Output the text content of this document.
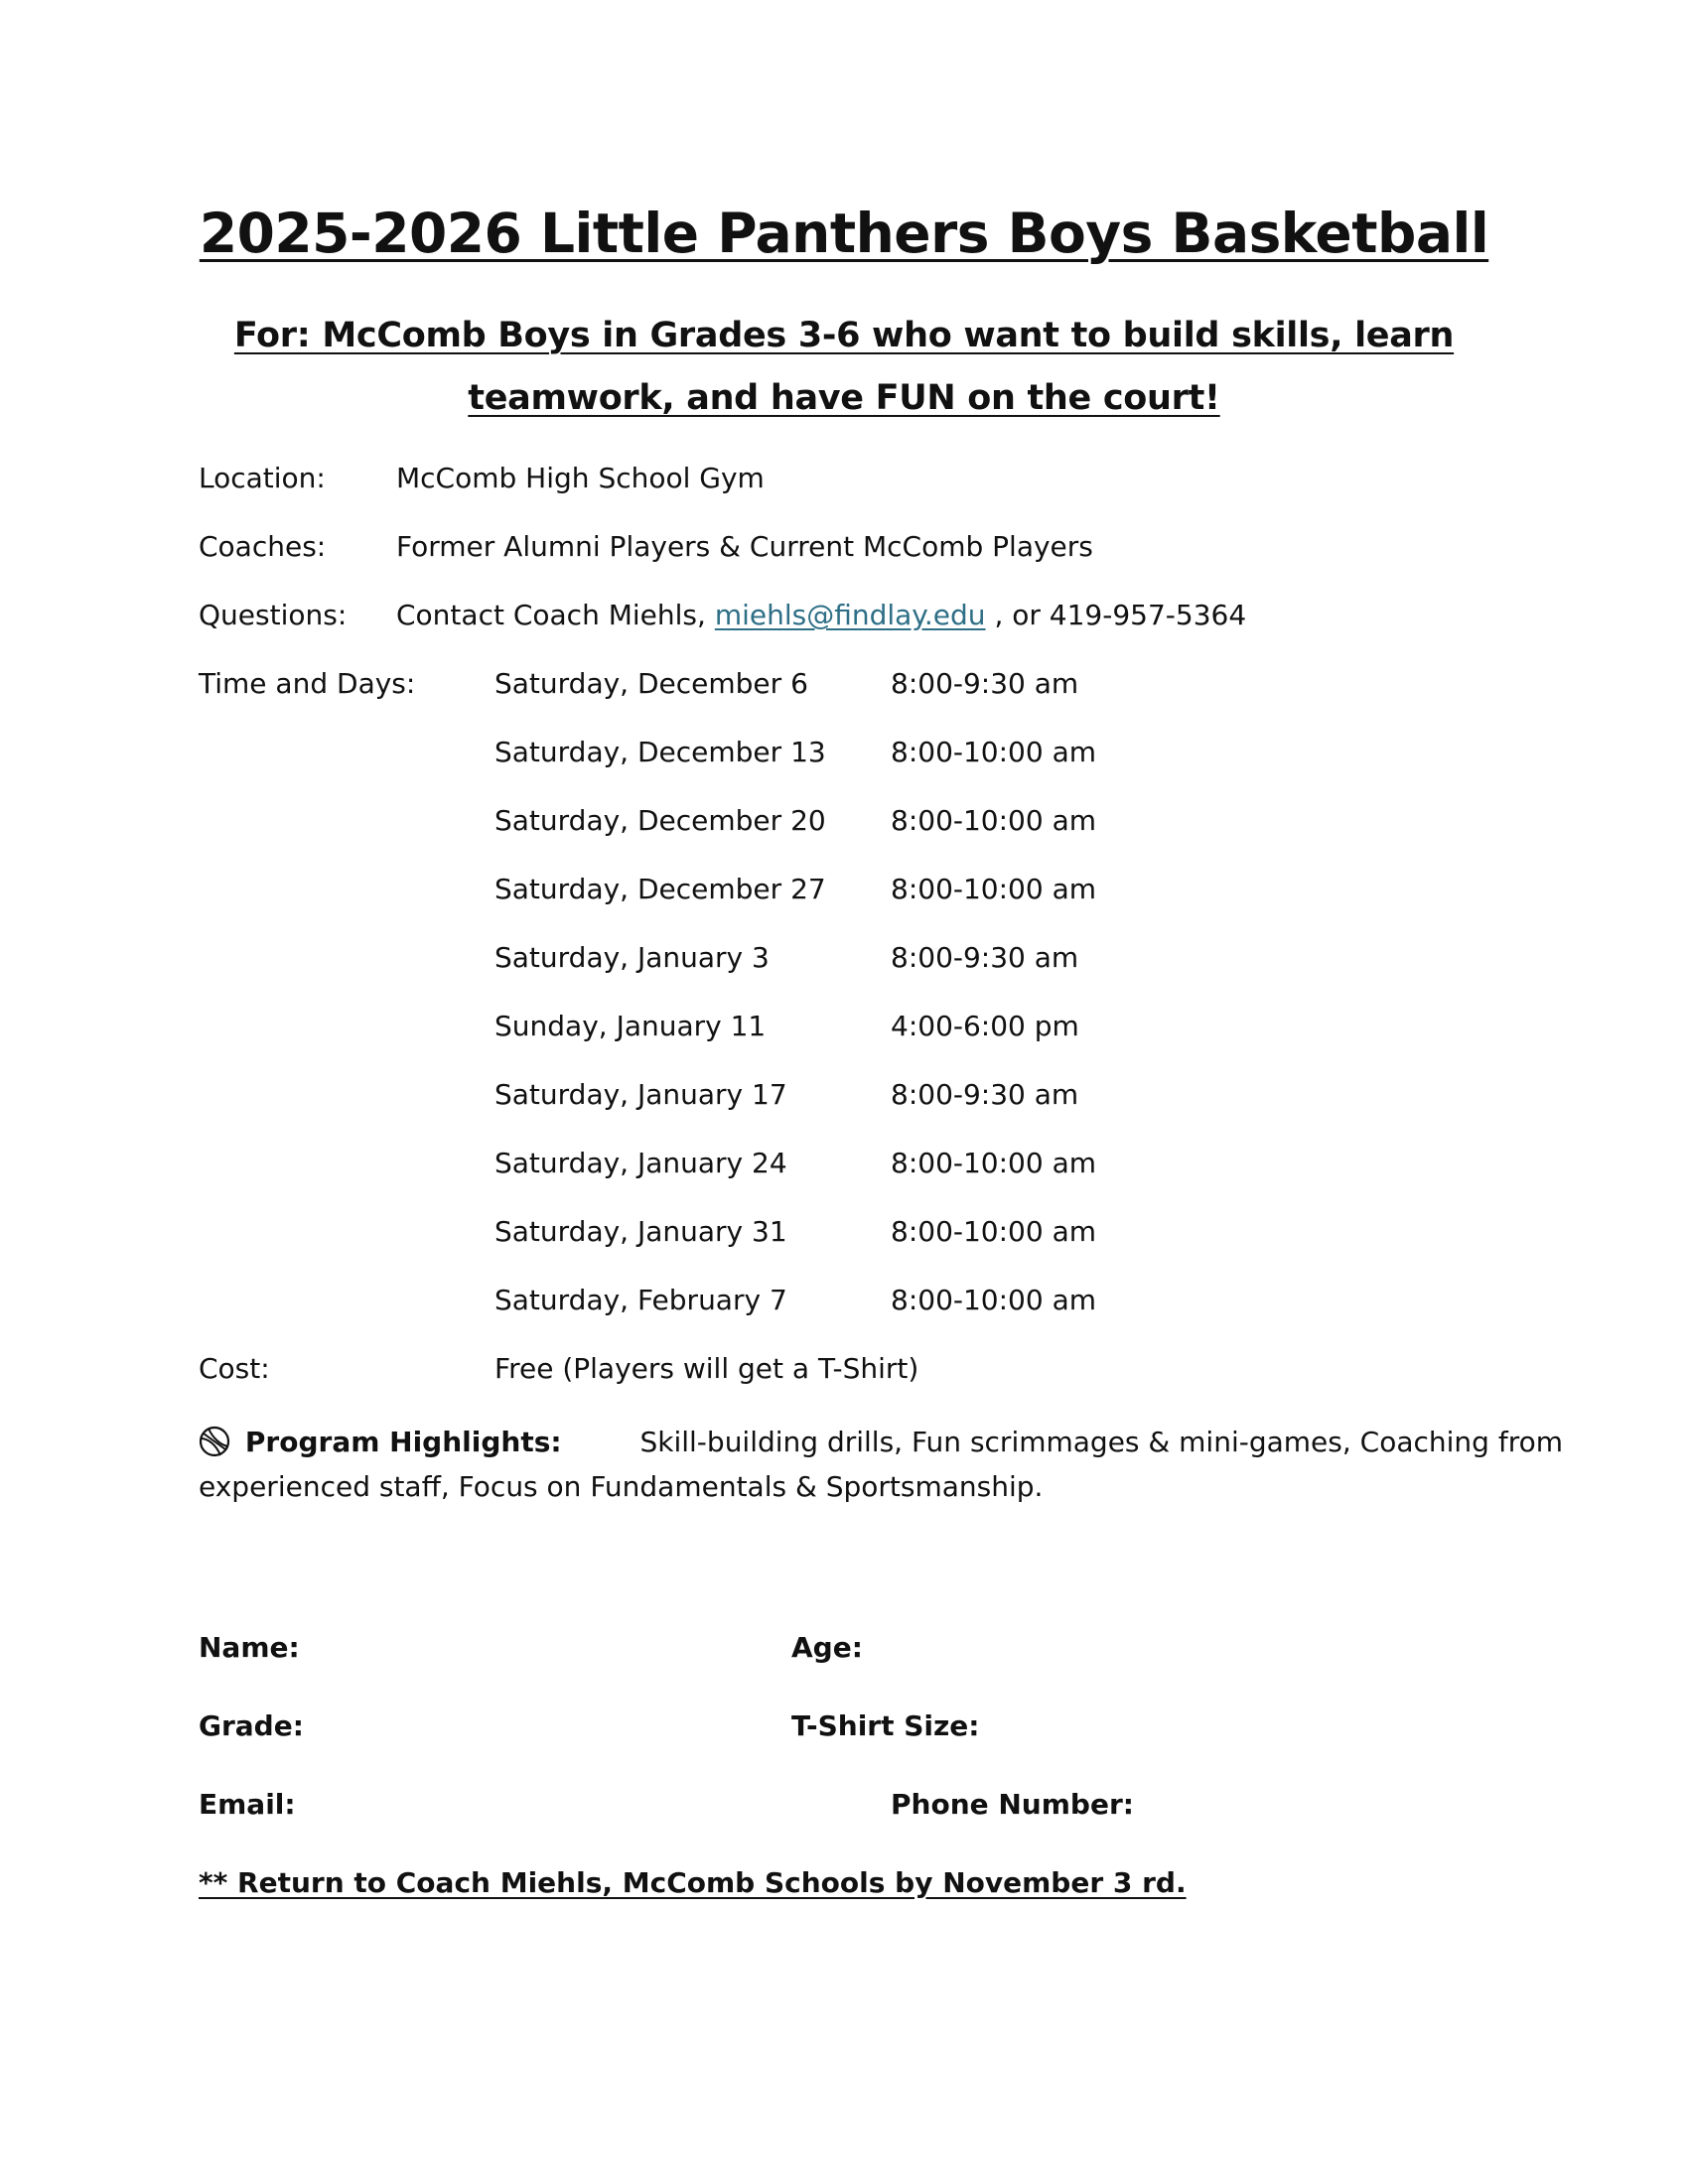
2025-2026 Little Panthers Boys Basketball
For: McComb Boys in Grades 3-6 who want to build skills, learn
teamwork, and have FUN on the court!
Location:	McComb High School Gym
Coaches:	Former Alumni Players & Current McComb Players
Questions: Contact Coach Miehls, miehls@findlay.edu , or 419-957-5364
Time and Days:	Saturday, December 6	8:00-9:30 am
Saturday, December 13 8:00-10:00 am
Saturday, December 20 8:00-10:00 am
Saturday, December 27 8:00-10:00 am
Saturday, January 3	8:00-9:30 am
Sunday, January 11	4:00-6:00 pm
Saturday, January 17	8:00-9:30 am
Saturday, January 24	8:00-10:00 am
Saturday, January 31	8:00-10:00 am
Saturday, February 7	8:00-10:00 am
Cost:	Free (Players will get a T-Shirt)
Program Highlights:	Skill-building drills, Fun scrimmages & mini-games, Coaching from
experienced staff, Focus on Fundamentals & Sportsmanship.
Name:	Age:
Grade:	T-Shirt Size:
Email:	Phone Number:
** Return to Coach Miehls, McComb Schools by November 3 rd.
